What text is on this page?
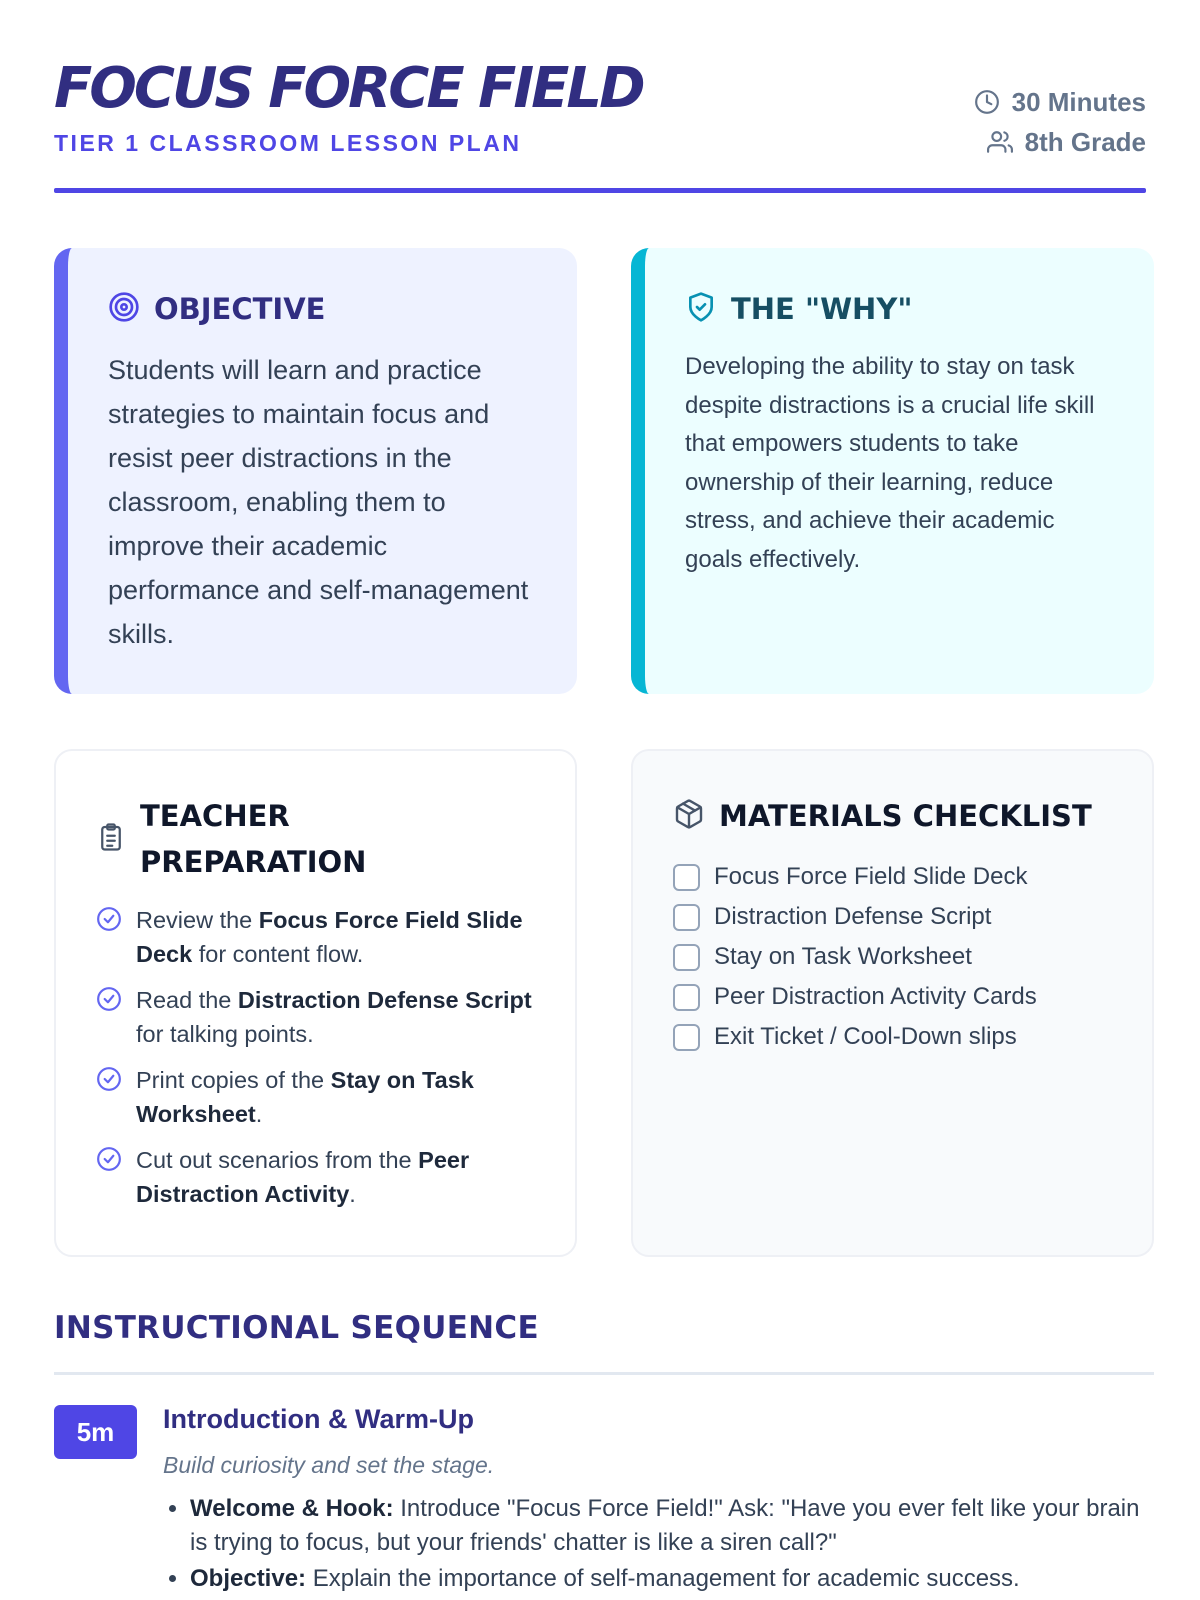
FOCUS FORCE FIELD
TIER 1 CLASSROOM LESSON PLAN
30 Minutes
8th Grade
OBJECTIVE

Students will learn and practice strategies to maintain focus and resist peer distractions in the classroom, enabling them to improve their academic performance and self-management skills.

THE "WHY"

Developing the ability to stay on task despite distractions is a crucial life skill that empowers students to take ownership of their learning, reduce stress, and achieve their academic goals effectively.

TEACHER PREPARATION
Review the Focus Force Field Slide Deck for content flow.
Read the Distraction Defense Script for talking points.
Print copies of the Stay on Task Worksheet.
Cut out scenarios from the Peer Distraction Activity.
MATERIALS CHECKLIST
Focus Force Field Slide Deck
Distraction Defense Script
Stay on Task Worksheet
Peer Distraction Activity Cards
Exit Ticket / Cool-Down slips
INSTRUCTIONAL SEQUENCE
5m	Introduction & Warm-Up
Build curiosity and set the stage.
• Welcome & Hook: Introduce "Focus Force Field!" Ask: "Have you ever felt like your brain is trying to focus, but your friends' chatter is like a siren call?"
• Objective: Explain the importance of self-management for academic success.
